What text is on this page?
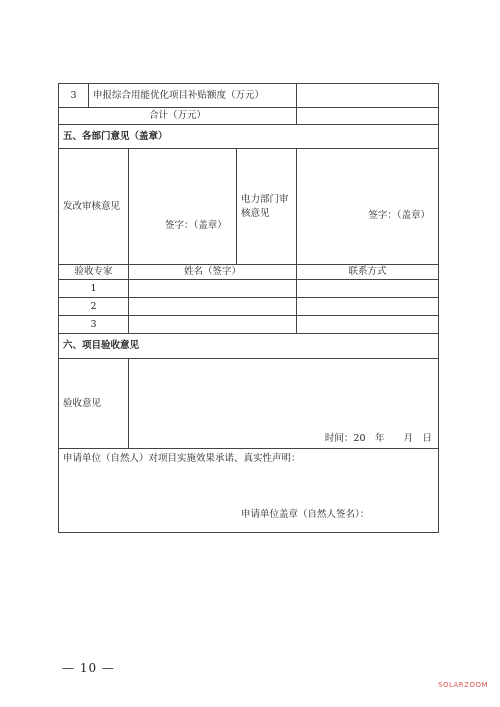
3	申报综合用能优化项目补贴额度（万元）			
合计（万元）				
五、各部门意见（盖章）				
发改审核意见		签字：（盖章）	电力部门审核意见	签字：（盖章）

验收专家		姓名（签字）		联系方式
1				
2				
3				
六、项目验收意见				
验收意见		时间：20　年　　月　日		

申请单位（自然人）对项目实施效果承诺、真实性声明：
申请单位盖章（自然人签名）：				
— 10 —
SOLARZOOM
